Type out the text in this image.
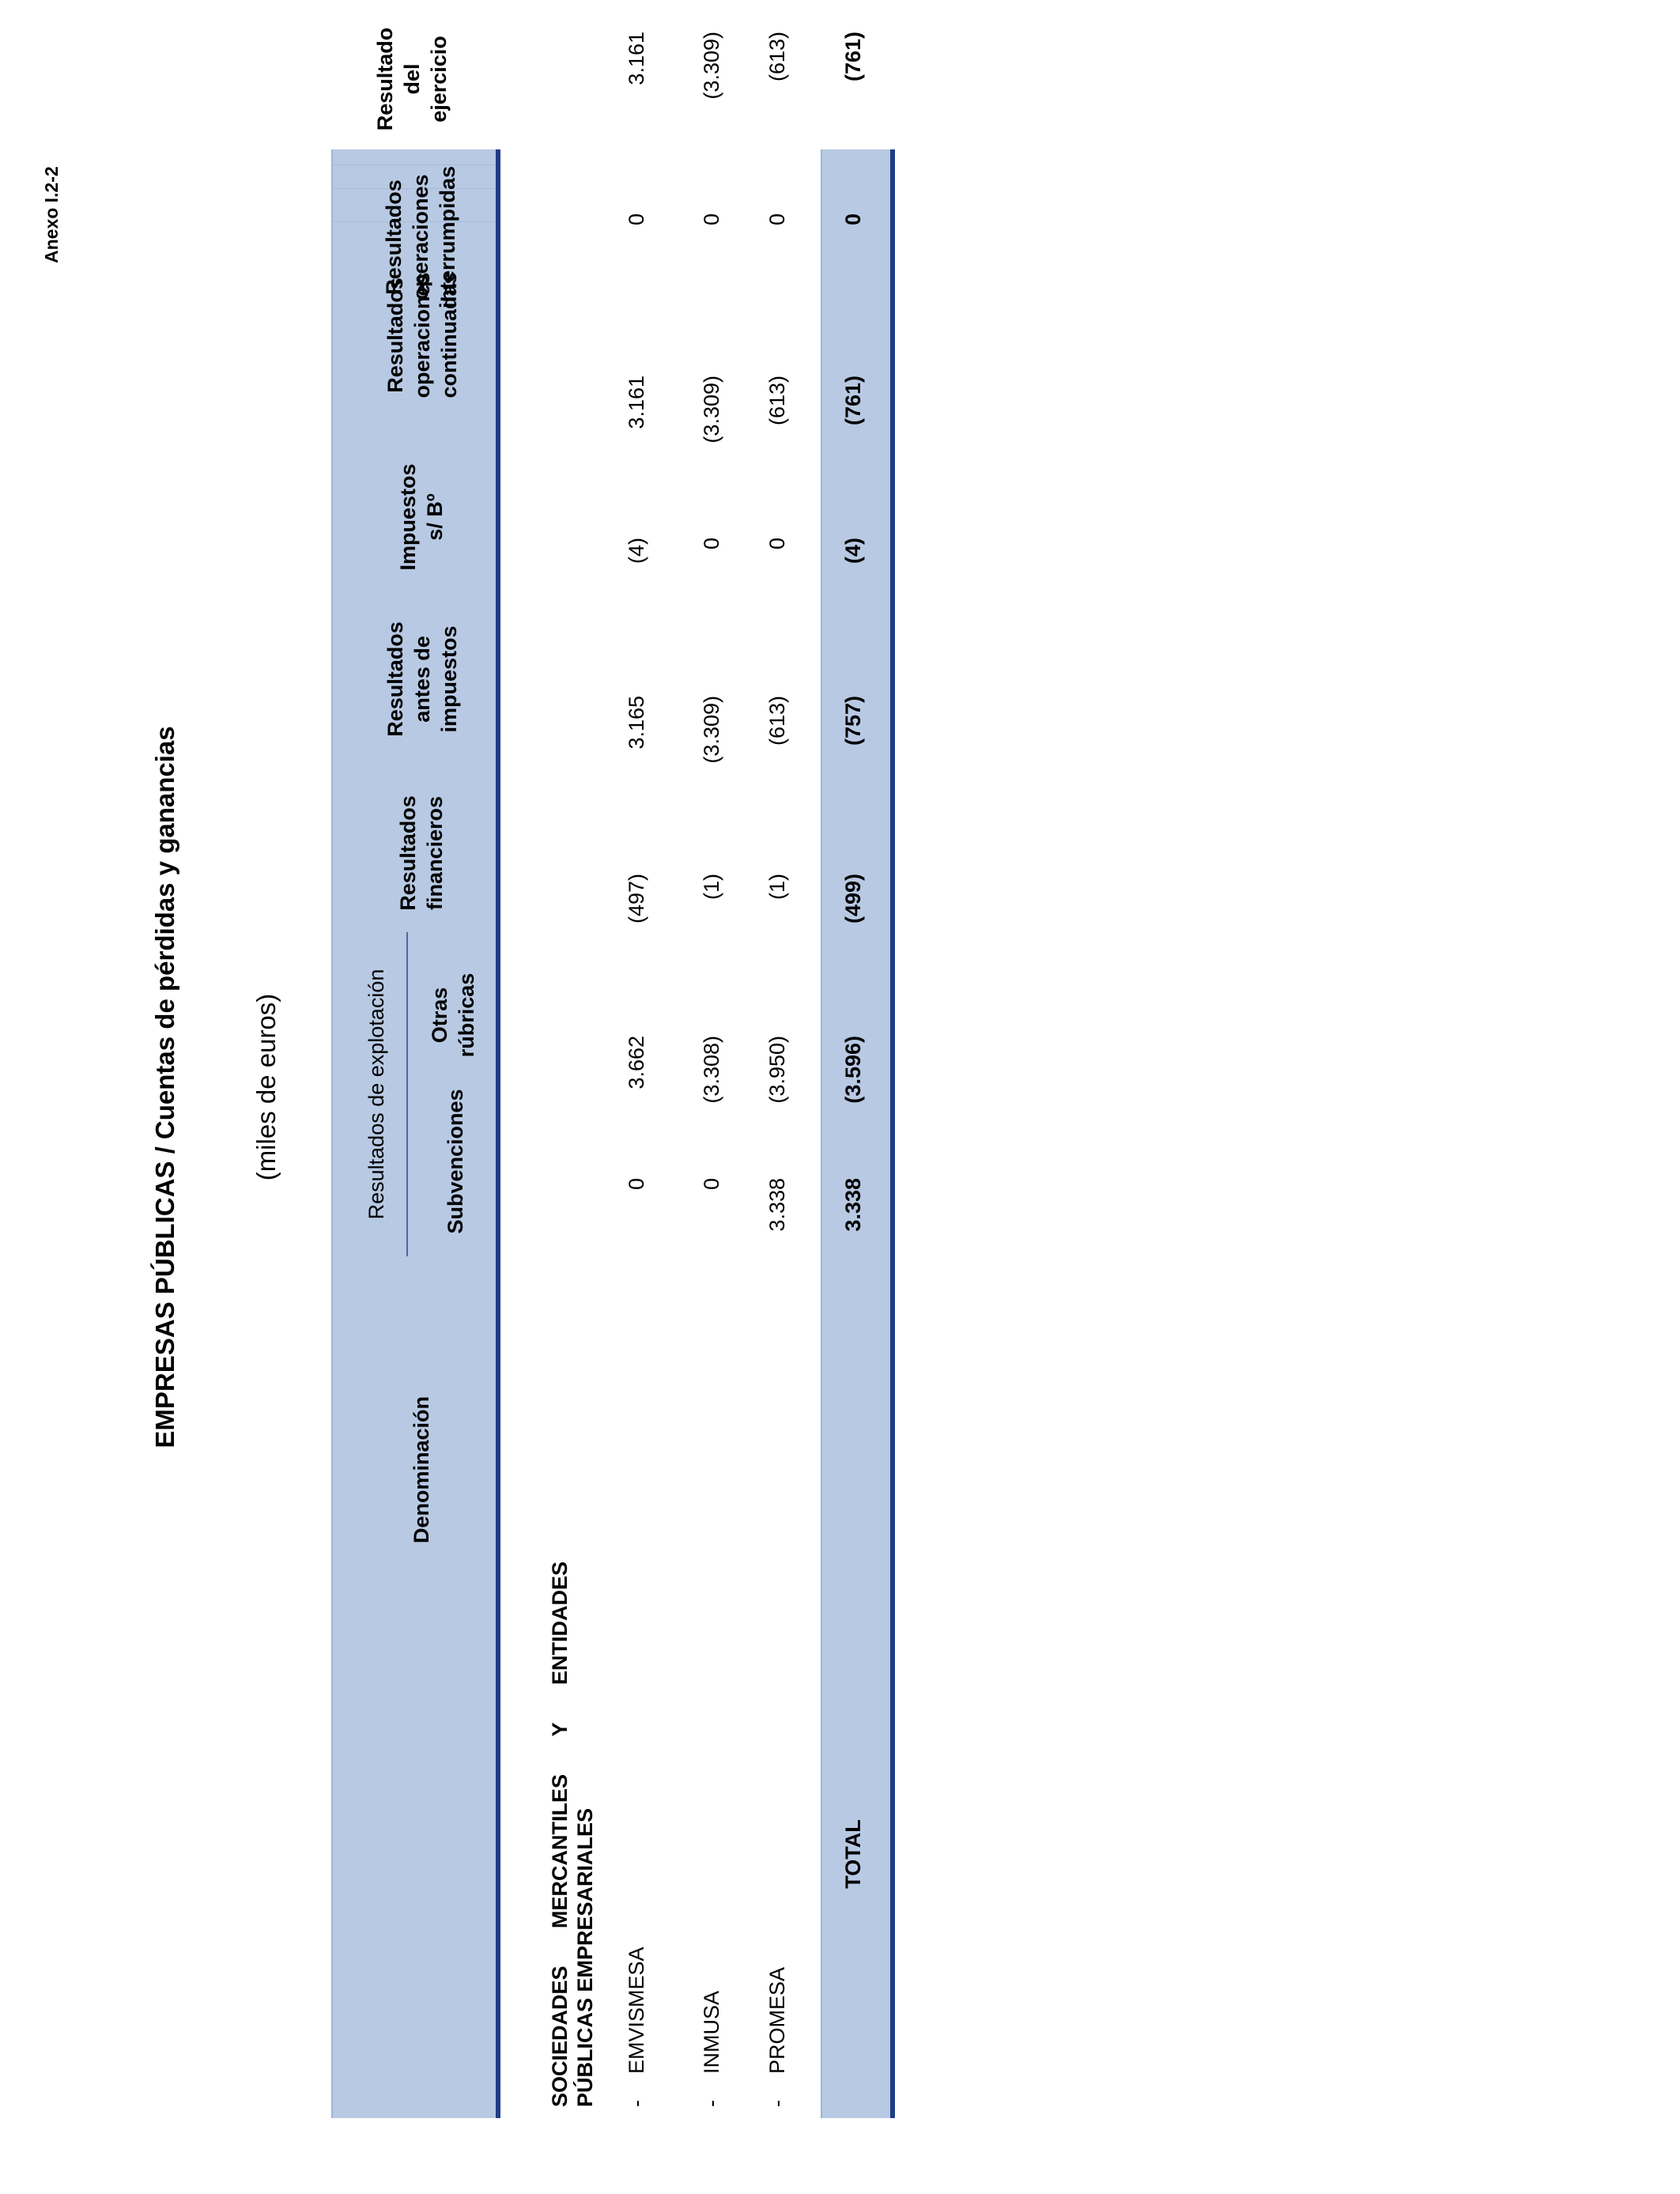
Anexo I.2-2
EMPRESAS PÚBLICAS / Cuentas de pérdidas y ganancias	(miles de euros)
Denominación
Resultados de explotación	Subvenciones
Otras rúbricas
Resultados financieros
Resultados antes de impuestos
Impuestos s/ Bº
Resultados operaciones continuadas
SOCIEDADES
MERCANTILES
Y
ENTIDADES
PÚBLICAS EMPRESARIALES
Resultados operaciones interrumpidas
Resultado del ejercicio
-
EMVISMESA
0
3.662
(497)
3.165
(4)
3.161
0
3.161
-
INMUSA
0
(3.308)
(1)
(3.309)
0
(3.309)
0
(3.309)
-
PROMESA
3.338
(3.950)
(1)
(613)
0
(613)
0
(613)
TOTAL
3.338
(3.596)
(499)
(757)
(4)
(761)
0
(761)
